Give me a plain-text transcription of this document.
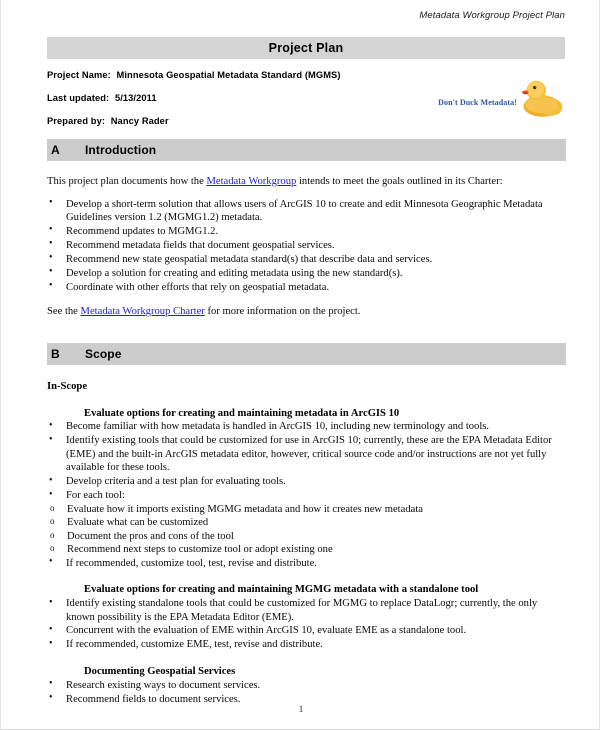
Metadata Workgroup Project Plan
Project Plan
Project Name: Minnesota Geospatial Metadata Standard (MGMS)
Last updated: 5/13/2011
Prepared by: Nancy Rader
Don't Duck Metadata!
A Introduction

This project plan documents how the Metadata Workgroup intends to meet the goals outlined in its Charter:

• Develop a short-term solution that allows users of ArcGIS 10 to create and edit Minnesota Geographic Metadata Guidelines version 1.2 (MGMG1.2) metadata.
• Recommend updates to MGMG1.2.
• Recommend metadata fields that document geospatial services.
• Recommend new state geospatial metadata standard(s) that describe data and services.
• Develop a solution for creating and editing metadata using the new standard(s).
• Coordinate with other efforts that rely on geospatial metadata.

See the Metadata Workgroup Charter for more information on the project.

B Scope
In-Scope
Evaluate options for creating and maintaining metadata in ArcGIS 10
• Become familiar with how metadata is handled in ArcGIS 10, including new terminology and tools.
• Identify existing tools that could be customized for use in ArcGIS 10; currently, these are the EPA Metadata Editor (EME) and the built-in ArcGIS metadata editor, however, critical source code and/or instructions are not yet fully available for these tools.
• Develop criteria and a test plan for evaluating tools.
• For each tool:
o Evaluate how it imports existing MGMG metadata and how it creates new metadata
o Evaluate what can be customized
o Document the pros and cons of the tool
o Recommend next steps to customize tool or adopt existing one
• If recommended, customize tool, test, revise and distribute.
Evaluate options for creating and maintaining MGMG metadata with a standalone tool
• Identify existing standalone tools that could be customized for MGMG to replace DataLogr; currently, the only known possibility is the EPA Metadata Editor (EME).
• Concurrent with the evaluation of EME within ArcGIS 10, evaluate EME as a standalone tool.
• If recommended, customize EME, test, revise and distribute.
Documenting Geospatial Services
• Research existing ways to document services.
• Recommend fields to document services.
1
